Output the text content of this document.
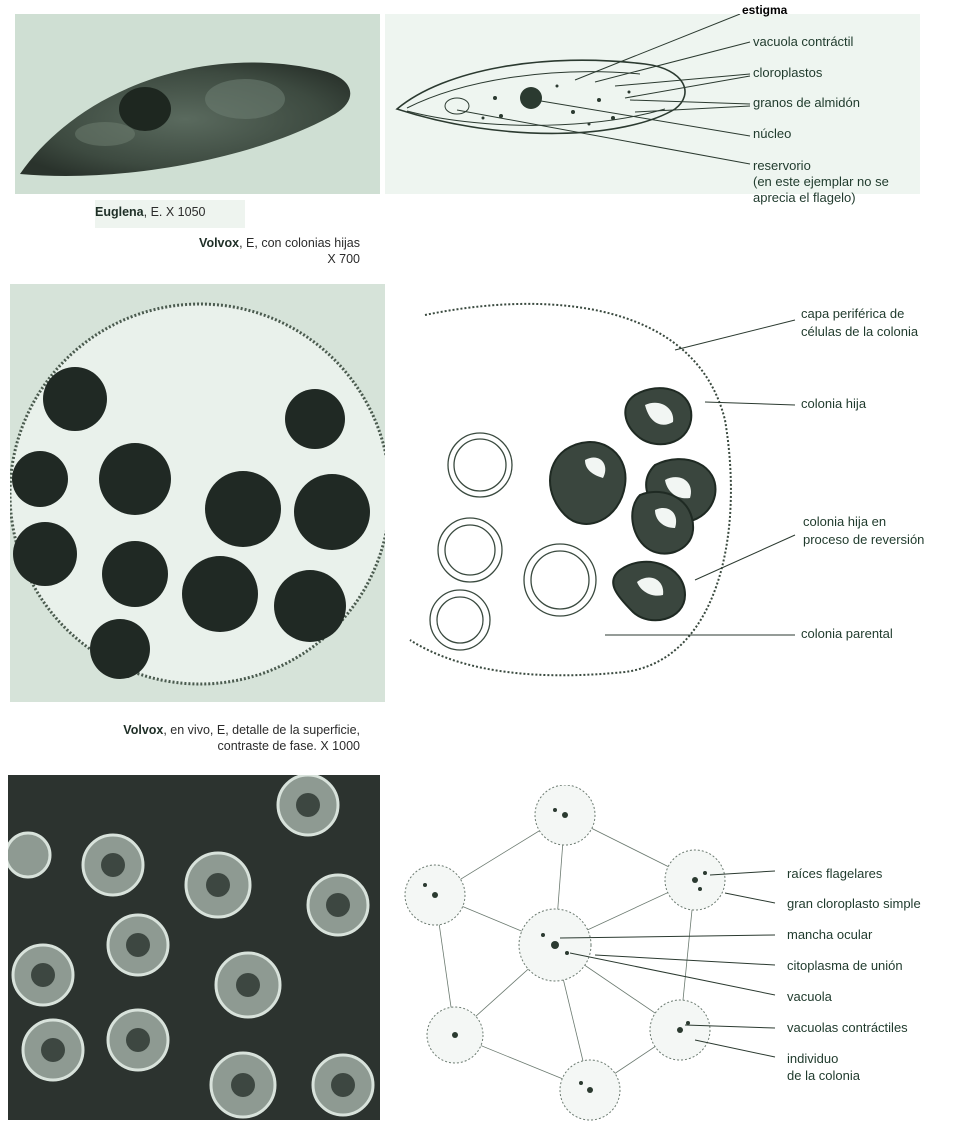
Euglena, E. X 1050
estigma
vacuola contráctil
cloroplastos
granos de almidón
núcleo
reservorio
(en este ejemplar no se
aprecia el flagelo)
Volvox, E, con colonias hijas
X 700
capa periférica de
células de la colonia
colonia hija
colonia hija en
proceso de reversión
colonia parental
Volvox, en vivo, E, detalle de la superficie,
contraste de fase. X 1000
raíces flagelares
gran cloroplasto simple
mancha ocular
citoplasma de unión
vacuola
vacuolas contráctiles
individuo
de la colonia
